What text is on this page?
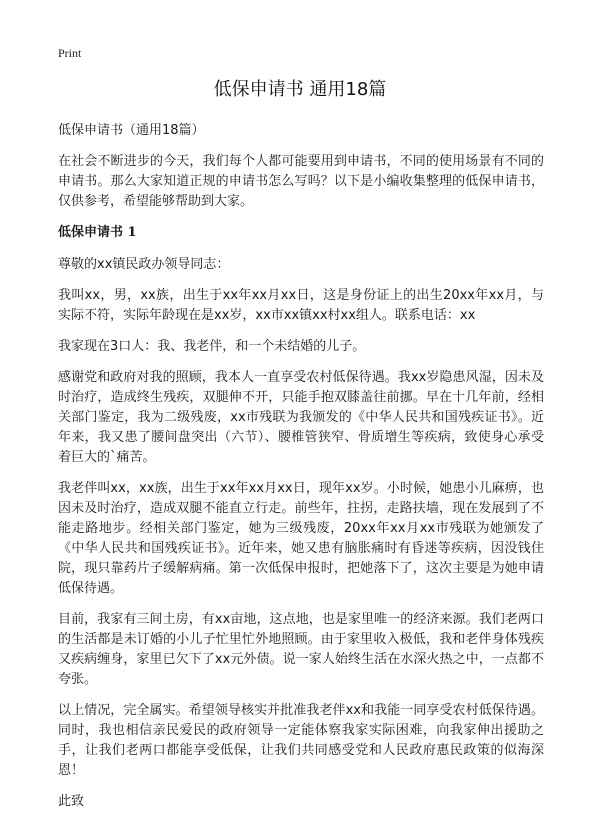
Print
低保申请书 通用18篇

低保申请书（通用18篇）

在社会不断进步的今天，我们每个人都可能要用到申请书，不同的使用场景有不同的申请书。那么大家知道正规的申请书怎么写吗？以下是小编收集整理的低保申请书，仅供参考，希望能够帮助到大家。

低保申请书 1

尊敬的xx镇民政办领导同志：

我叫xx，男，xx族，出生于xx年xx月xx日，这是身份证上的出生20xx年xx月，与实际不符，实际年龄现在是xx岁，xx市xx镇xx村xx组人。联系电话：xx

我家现在3口人：我、我老伴，和一个未结婚的儿子。

感谢党和政府对我的照顾，我本人一直享受农村低保待遇。我xx岁隐患风湿，因未及时治疗，造成终生残疾，双腿伸不开，只能手抱双膝盖往前挪。早在十几年前，经相关部门鉴定，我为二级残废，xx市残联为我颁发的《中华人民共和国残疾证书》。近年来，我又患了腰间盘突出（六节）、腰椎管狭窄、骨质增生等疾病，致使身心承受着巨大的`痛苦。

我老伴叫xx，xx族，出生于xx年xx月xx日，现年xx岁。小时候，她患小儿麻痹，也因未及时治疗，造成双腿不能直立行走。前些年，拄拐，走路扶墙，现在发展到了不能走路地步。经相关部门鉴定，她为三级残废，20xx年xx月xx市残联为她颁发了《中华人民共和国残疾证书》。近年来，她又患有脑胀痛时有昏迷等疾病，因没钱住院，现只靠药片子缓解病痛。第一次低保申报时，把她落下了，这次主要是为她申请低保待遇。

目前，我家有三间土房，有xx亩地，这点地，也是家里唯一的经济来源。我们老两口的生活都是未订婚的小儿子忙里忙外地照顾。由于家里收入极低，我和老伴身体残疾又疾病缠身，家里已欠下了xx元外债。说一家人始终生活在水深火热之中，一点都不夸张。

以上情况，完全属实。希望领导核实并批准我老伴xx和我能一同享受农村低保待遇。同时，我也相信亲民爱民的政府领导一定能体察我家实际困难，向我家伸出援助之手，让我们老两口都能享受低保，让我们共同感受党和人民政府惠民政策的似海深恩！

此致
